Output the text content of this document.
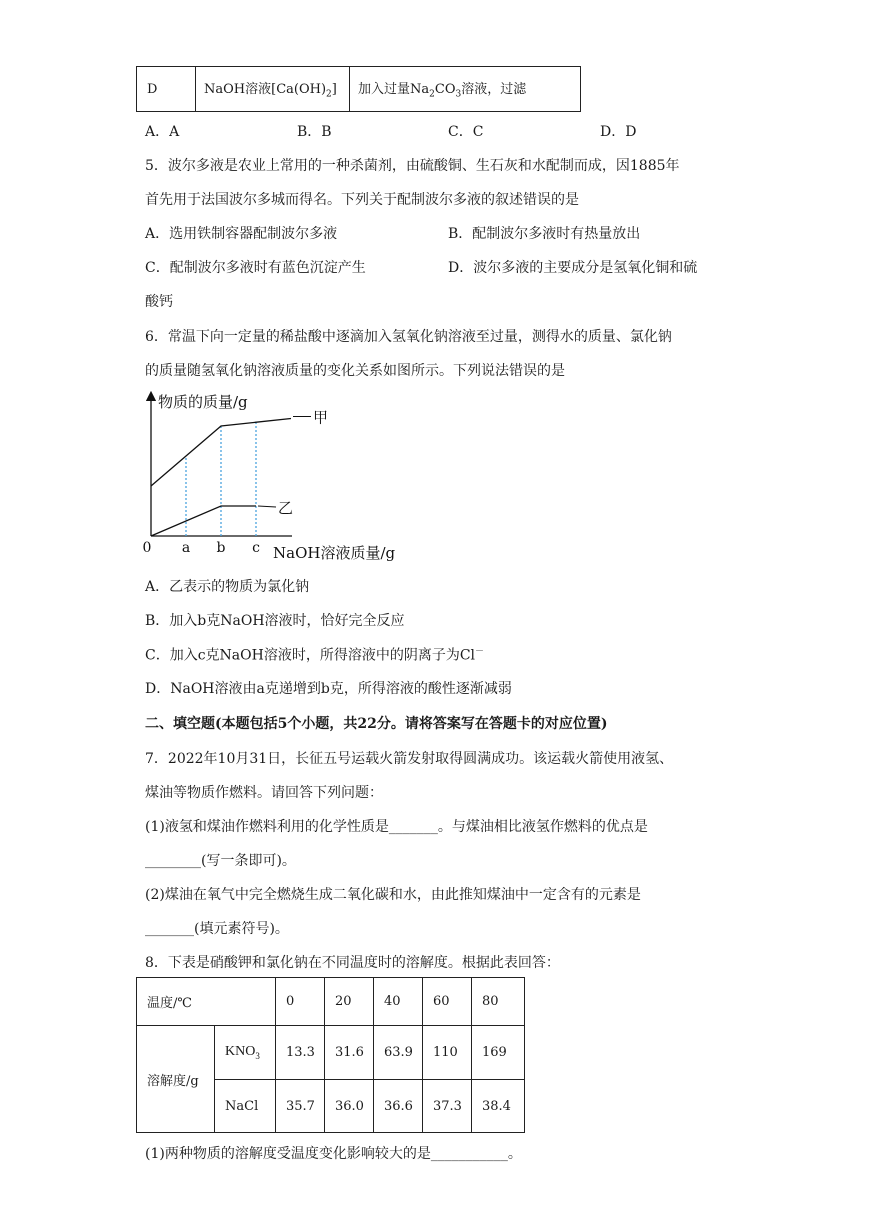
D	NaOH溶液$[Ca(OH)_2]$	加入过量$Na_2CO_3$溶液，过滤
A．A	B．B	C．C	D．D
5．波尔多液是农业上常用的一种杀菌剂，由硫酸铜、生石灰和水配制而成，因1885年
首先用于法国波尔多城而得名。下列关于配制波尔多液的叙述错误的是
A．选用铁制容器配制波尔多液	B．配制波尔多液时有热量放出
C．配制波尔多液时有蓝色沉淀产生	D．波尔多液的主要成分是氢氧化铜和硫
酸钙
6．常温下向一定量的稀盐酸中逐滴加入氢氧化钠溶液至过量，测得水的质量、氯化钠
的质量随氢氧化钠溶液质量的变化关系如图所示。下列说法错误的是
物质的质量/g
NaOH溶液质量/g
0 a b c
甲
乙
A．乙表示的物质为氯化钠
B．加入b克NaOH溶液时，恰好完全反应
C．加入c克NaOH溶液时，所得溶液中的阴离子为Cl－
D．NaOH溶液由a克递增到b克，所得溶液的酸性逐渐减弱
二、填空题(本题包括5个小题，共22分。请将答案写在答题卡的对应位置)
7．2022年10月31日，长征五号运载火箭发射取得圆满成功。该运载火箭使用液氢、
煤油等物质作燃料。请回答下列问题：
(1)液氢和煤油作燃料利用的化学性质是_______。与煤油相比液氢作燃料的优点是
________(写一条即可)。
(2)煤油在氧气中完全燃烧生成二氧化碳和水，由此推知煤油中一定含有的元素是
_______(填元素符号)。
8．下表是硝酸钾和氯化钠在不同温度时的溶解度。根据此表回答：
温度/℃		0	20	40	60	80
溶解度/g	$KNO_3$	13.3	31.6	63.9	110	169
	NaCl	35.7	36.0	36.6	37.3	38.4
(1)两种物质的溶解度受温度变化影响较大的是___________。
